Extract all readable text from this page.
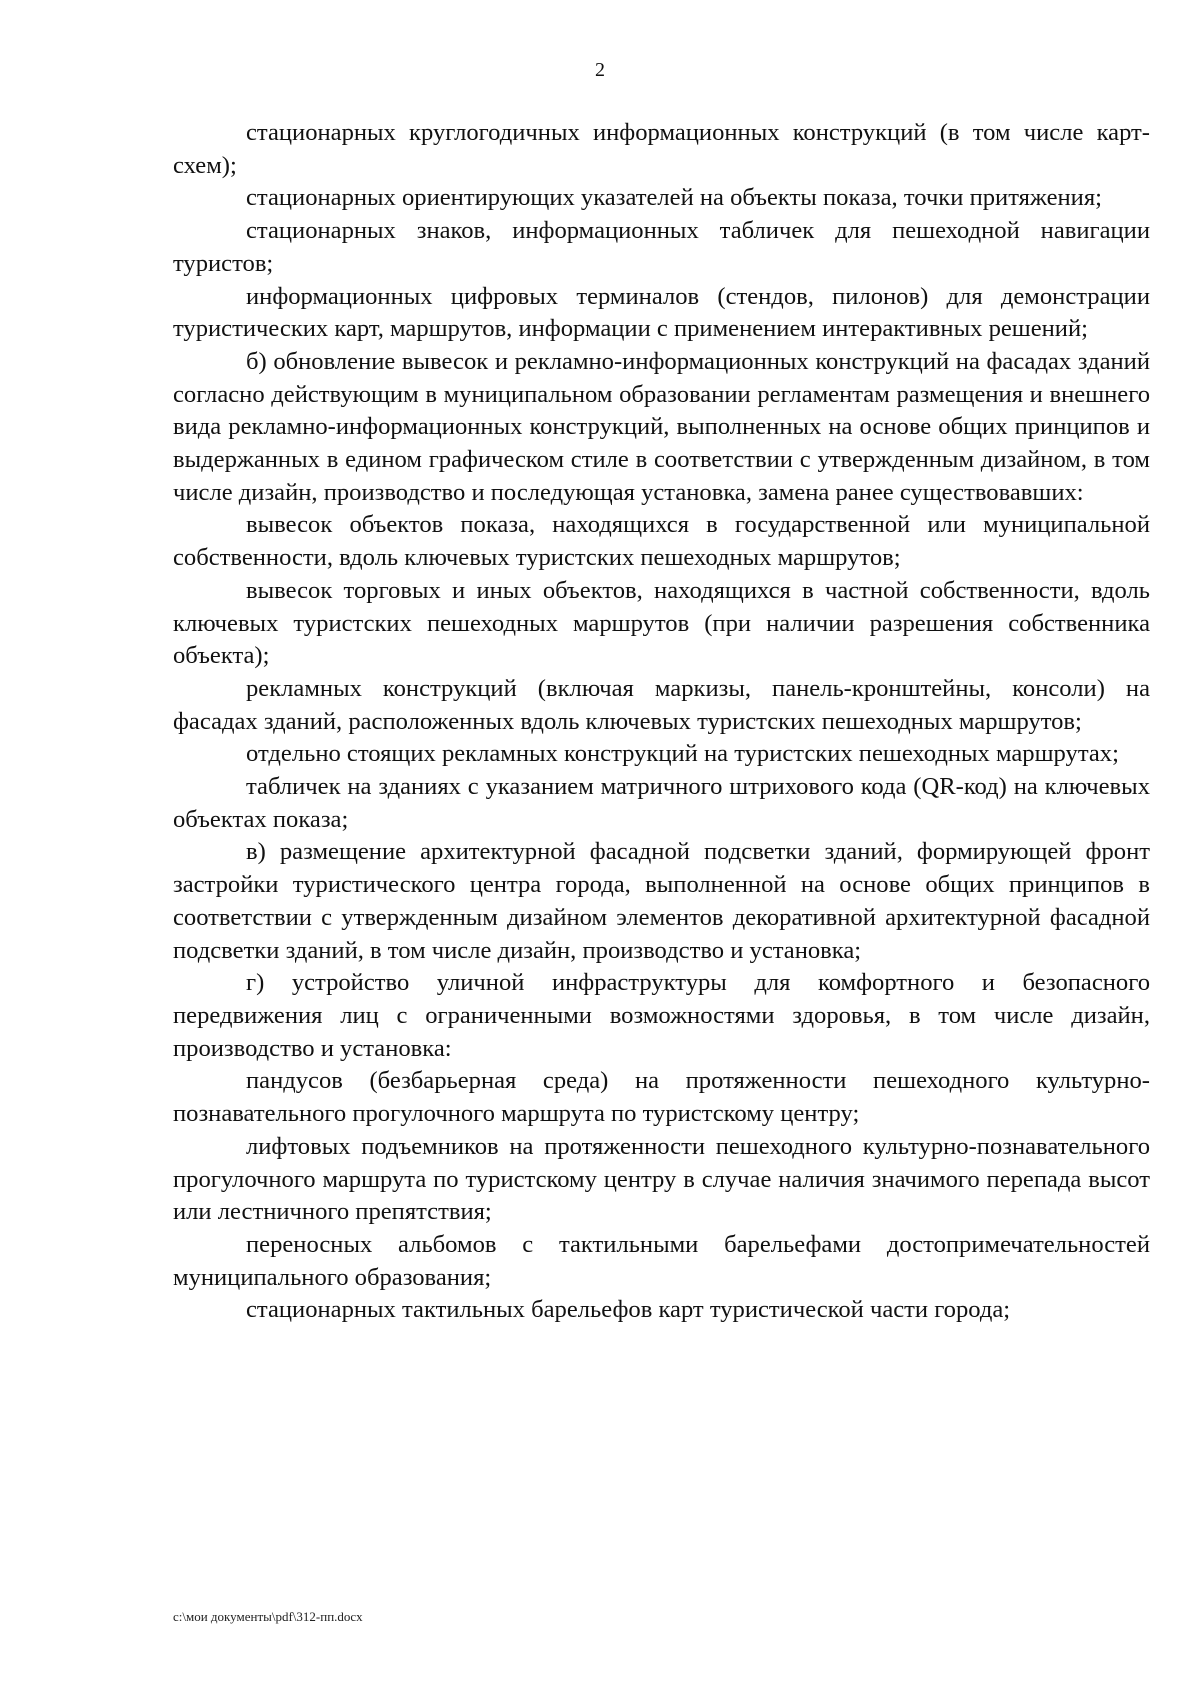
2

стационарных круглогодичных информационных конструкций (в том числе карт-схем);

стационарных ориентирующих указателей на объекты показа, точки притяжения;

стационарных знаков, информационных табличек для пешеходной навигации туристов;

информационных цифровых терминалов (стендов, пилонов) для демонстрации туристических карт, маршрутов, информации с применением интерактивных решений;

б) обновление вывесок и рекламно-информационных конструкций на фасадах зданий согласно действующим в муниципальном образовании регламентам размещения и внешнего вида рекламно-информационных конструкций, выполненных на основе общих принципов и выдержанных в едином графическом стиле в соответствии с утвержденным дизайном, в том числе дизайн, производство и последующая установка, замена ранее существовавших:

вывесок объектов показа, находящихся в государственной или муниципальной собственности, вдоль ключевых туристских пешеходных маршрутов;

вывесок торговых и иных объектов, находящихся в частной собственности, вдоль ключевых туристских пешеходных маршрутов (при наличии разрешения собственника объекта);

рекламных конструкций (включая маркизы, панель-кронштейны, консоли) на фасадах зданий, расположенных вдоль ключевых туристских пешеходных маршрутов;

отдельно стоящих рекламных конструкций на туристских пешеходных маршрутах;

табличек на зданиях с указанием матричного штрихового кода (QR-код) на ключевых объектах показа;

в) размещение архитектурной фасадной подсветки зданий, формирующей фронт застройки туристического центра города, выполненной на основе общих принципов в соответствии с утвержденным дизайном элементов декоративной архитектурной фасадной подсветки зданий, в том числе дизайн, производство и установка;

г) устройство уличной инфраструктуры для комфортного и безопасного передвижения лиц с ограниченными возможностями здоровья, в том числе дизайн, производство и установка:

пандусов (безбарьерная среда) на протяженности пешеходного культурно-познавательного прогулочного маршрута по туристскому центру;

лифтовых подъемников на протяженности пешеходного культурно-познавательного прогулочного маршрута по туристскому центру в случае наличия значимого перепада высот или лестничного препятствия;

переносных альбомов с тактильными барельефами достопримечательностей муниципального образования;

стационарных тактильных барельефов карт туристической части города;

c:\мои документы\pdf\312-пп.docx
